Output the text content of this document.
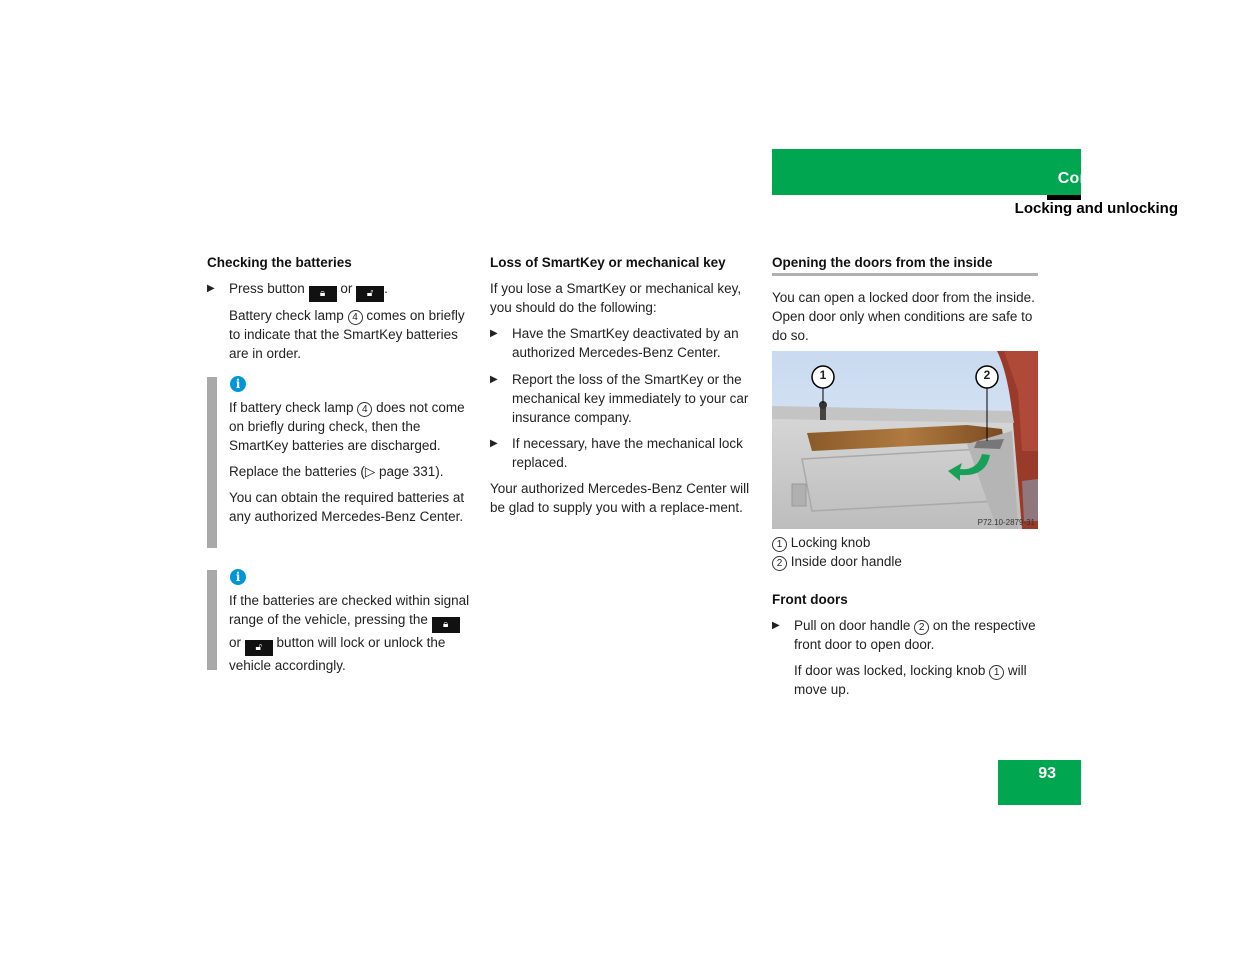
Controls in detail
Locking and unlocking
Checking the batteries
▶ Press button 🔒︎ or 🔓︎ .
Battery check lamp 4 comes on briefly to indicate that the SmartKey batteries are in order.
i
If battery check lamp 4 does not come on briefly during check, then the SmartKey batteries are discharged.
Replace the batteries (▷ page 331).
You can obtain the required batteries at any authorized Mercedes-Benz Center.
i
If the batteries are checked within signal range of the vehicle, pressing the 🔒︎ or 🔓︎ button will lock or unlock the vehicle accordingly.
Loss of SmartKey or mechanical key
If you lose a SmartKey or mechanical key, you should do the following:
▶ Have the SmartKey deactivated by an authorized Mercedes-Benz Center.
▶ Report the loss of the SmartKey or the mechanical key immediately to your car insurance company.
▶ If necessary, have the mechanical lock replaced.
Your authorized Mercedes-Benz Center will be glad to supply you with a replace-ment.
Opening the doors from the inside
You can open a locked door from the inside. Open door only when conditions are safe to do so.
1	2
P72.10-2879-31
1 Locking knob
2 Inside door handle
Front doors
▶ Pull on door handle 2 on the respective front door to open door.
If door was locked, locking knob 1 will move up.
93
